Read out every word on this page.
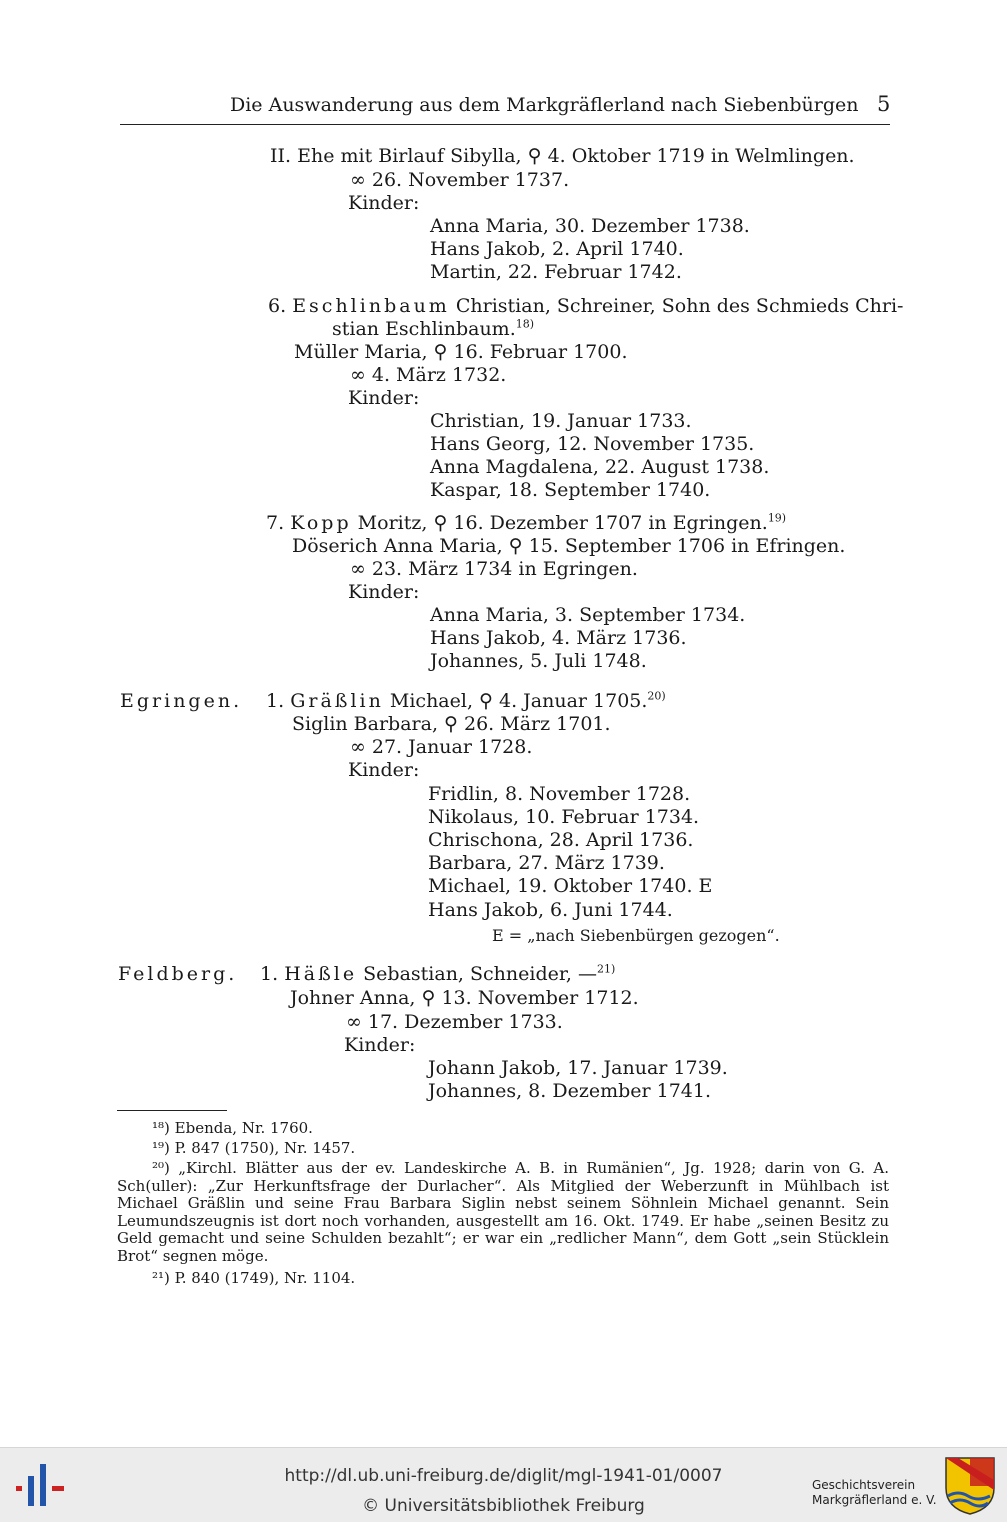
Die Auswanderung aus dem Markgräflerland nach Siebenbürgen 5
II. Ehe mit Birlauf Sibylla, ⚲ 4. Oktober 1719 in Welmlingen.
∞ 26. November 1737.
Kinder:
Anna Maria, 30. Dezember 1738.
Hans Jakob, 2. April 1740.
Martin, 22. Februar 1742.
6. Eschlinbaum Christian, Schreiner, Sohn des Schmieds Chri-
stian Eschlinbaum.$^{18)}$
Müller Maria, ⚲ 16. Februar 1700.
∞ 4. März 1732.
Kinder:
Christian, 19. Januar 1733.
Hans Georg, 12. November 1735.
Anna Magdalena, 22. August 1738.
Kaspar, 18. September 1740.
7. Kopp Moritz, ⚲ 16. Dezember 1707 in Egringen.$^{19)}$
Döserich Anna Maria, ⚲ 15. September 1706 in Efringen.
∞ 23. März 1734 in Egringen.
Kinder:
Anna Maria, 3. September 1734.
Hans Jakob, 4. März 1736.
Johannes, 5. Juli 1748.
Egringen. 1. Gräßlin Michael, ⚲ 4. Januar 1705.$^{20)}$
Siglin Barbara, ⚲ 26. März 1701.
∞ 27. Januar 1728.
Kinder:
Fridlin, 8. November 1728.
Nikolaus, 10. Februar 1734.
Chrischona, 28. April 1736.
Barbara, 27. März 1739.
Michael, 19. Oktober 1740. E
Hans Jakob, 6. Juni 1744.
E = „nach Siebenbürgen gezogen“.
Feldberg. 1. Häßle Sebastian, Schneider, —$^{21)}$
Johner Anna, ⚲ 13. November 1712.
∞ 17. Dezember 1733.
Kinder:
Johann Jakob, 17. Januar 1739.
Johannes, 8. Dezember 1741.
¹⁸) Ebenda, Nr. 1760.
¹⁹) P. 847 (1750), Nr. 1457.
²⁰) „Kirchl. Blätter aus der ev. Landeskirche A. B. in Rumänien“, Jg. 1928; darin von G. A. Sch(uller): „Zur Herkunftsfrage der Durlacher“. Als Mitglied der Weberzunft in Mühlbach ist Michael Gräßlin und seine Frau Barbara Siglin nebst seinem Söhnlein Michael genannt. Sein Leumundszeugnis ist dort noch vorhanden, ausgestellt am 16. Okt. 1749. Er habe „seinen Besitz zu Geld gemacht und seine Schulden bezahlt“; er war ein „redlicher Mann“, dem Gott „sein Stücklein Brot“ segnen möge.
²¹) P. 840 (1749), Nr. 1104.
http://dl.ub.uni-freiburg.de/diglit/mgl-1941-01/0007
© Universitätsbibliothek Freiburg
Geschichtsverein
Markgräflerland e. V.
